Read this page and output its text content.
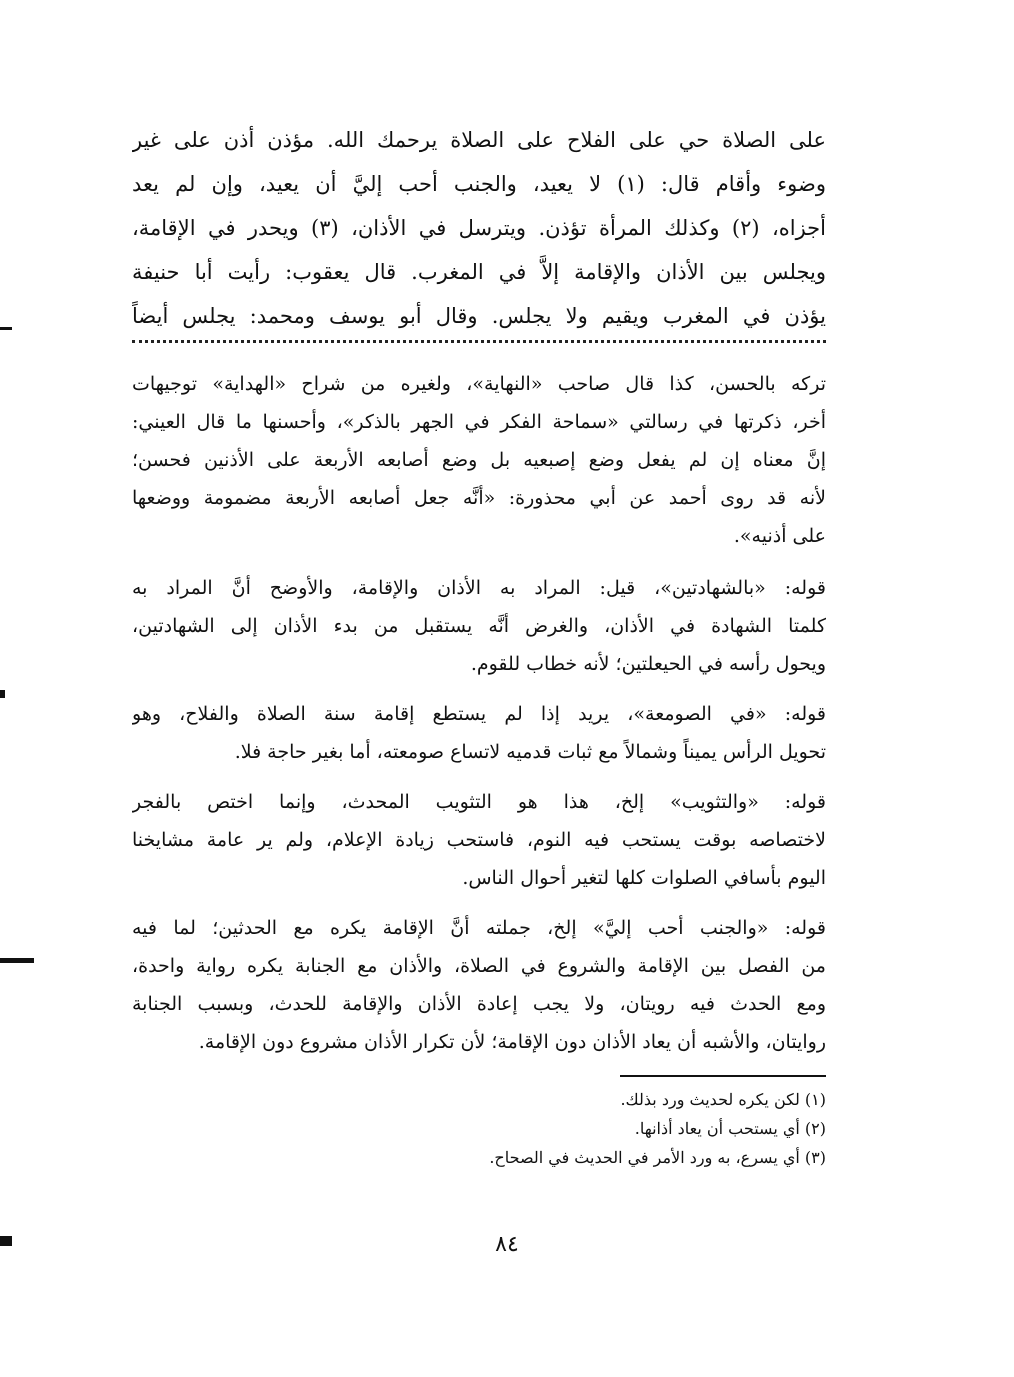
على الصلاة حي على الفلاح على الصلاة يرحمك الله. مؤذن أذن على غير
وضوء وأقام قال: (١) لا يعيد، والجنب أحب إليَّ أن يعيد، وإن لم يعد
أجزاه، (٢) وكذلك المرأة تؤذن. ويترسل في الأذان، (٣) ويحدر في الإقامة،
ويجلس بين الأذان والإقامة إلاَّ في المغرب. قال يعقوب: رأيت أبا حنيفة
يؤذن في المغرب ويقيم ولا يجلس. وقال أبو يوسف ومحمد: يجلس أيضاً
تركه بالحسن، كذا قال صاحب «النهاية»، ولغيره من شراح «الهداية» توجيهات
أخر، ذكرتها في رسالتي «سماحة الفكر في الجهر بالذكر»، وأحسنها ما قال العيني:
إنَّ معناه إن لم يفعل وضع إصبعيه بل وضع أصابعه الأربعة على الأذنين فحسن؛
لأنه قد روى أحمد عن أبي محذورة: «أنَّه جعل أصابعه الأربعة مضمومة ووضعها
على أذنيه».
قوله: «بالشهادتين»، قيل: المراد به الأذان والإقامة، والأوضح أنَّ المراد به
كلمتا الشهادة في الأذان، والغرض أنَّه يستقبل من بدء الأذان إلى الشهادتين،
ويحول رأسه في الحيعلتين؛ لأنه خطاب للقوم.
قوله: «في الصومعة»، يريد إذا لم يستطع إقامة سنة الصلاة والفلاح، وهو
تحويل الرأس يميناً وشمالاً مع ثبات قدميه لاتساع صومعته، أما بغير حاجة فلا.
قوله: «والتثويب» إلخ، هذا هو التثويب المحدث، وإنما اختص بالفجر
لاختصاصه بوقت يستحب فيه النوم، فاستحب زيادة الإعلام، ولم ير عامة مشايخنا
اليوم بأسافي الصلوات كلها لتغير أحوال الناس.
قوله: «والجنب أحب إليَّ» إلخ، جملته أنَّ الإقامة يكره مع الحدثين؛ لما فيه
من الفصل بين الإقامة والشروع في الصلاة، والأذان مع الجنابة يكره رواية واحدة،
ومع الحدث فيه رويتان، ولا يجب إعادة الأذان والإقامة للحدث، وبسبب الجنابة
روايتان، والأشبه أن يعاد الأذان دون الإقامة؛ لأن تكرار الأذان مشروع دون الإقامة.
(١) لكن يكره لحديث ورد بذلك.
(٢) أي يستحب أن يعاد أذانها.
(٣) أي يسرع، به ورد الأمر في الحديث في الصحاح.
٨٤
